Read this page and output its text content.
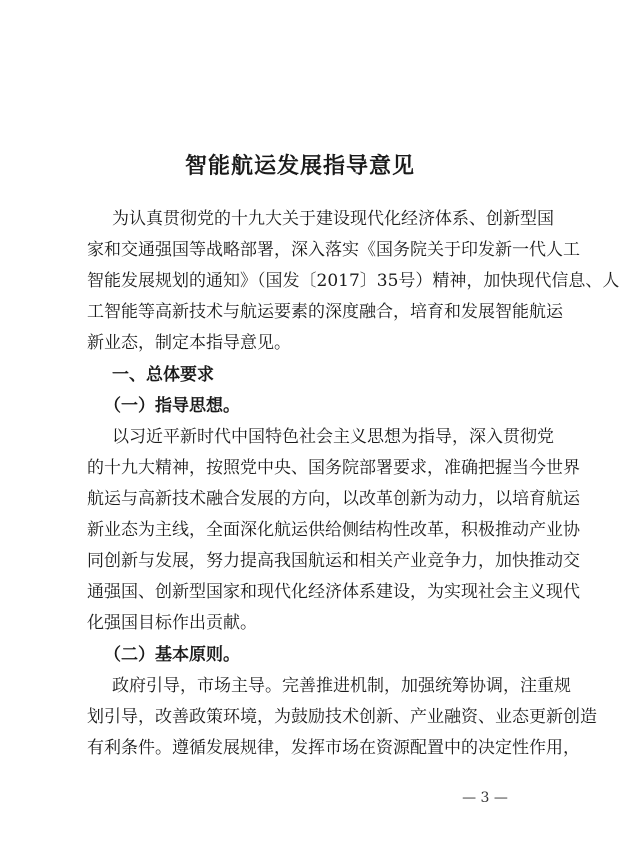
智能航运发展指导意见
为认真贯彻党的十九大关于建设现代化经济体系、创新型国
家和交通强国等战略部署，深入落实《国务院关于印发新一代人工
智能发展规划的通知》（国发〔2017〕35号）精神，加快现代信息、人
工智能等高新技术与航运要素的深度融合，培育和发展智能航运
新业态，制定本指导意见。
一、总体要求
（一）指导思想。
以习近平新时代中国特色社会主义思想为指导，深入贯彻党
的十九大精神，按照党中央、国务院部署要求，准确把握当今世界
航运与高新技术融合发展的方向，以改革创新为动力，以培育航运
新业态为主线，全面深化航运供给侧结构性改革，积极推动产业协
同创新与发展，努力提高我国航运和相关产业竞争力，加快推动交
通强国、创新型国家和现代化经济体系建设，为实现社会主义现代
化强国目标作出贡献。
（二）基本原则。
政府引导，市场主导。完善推进机制，加强统筹协调，注重规
划引导，改善政策环境，为鼓励技术创新、产业融资、业态更新创造
有利条件。遵循发展规律，发挥市场在资源配置中的决定性作用，
— 3 —
